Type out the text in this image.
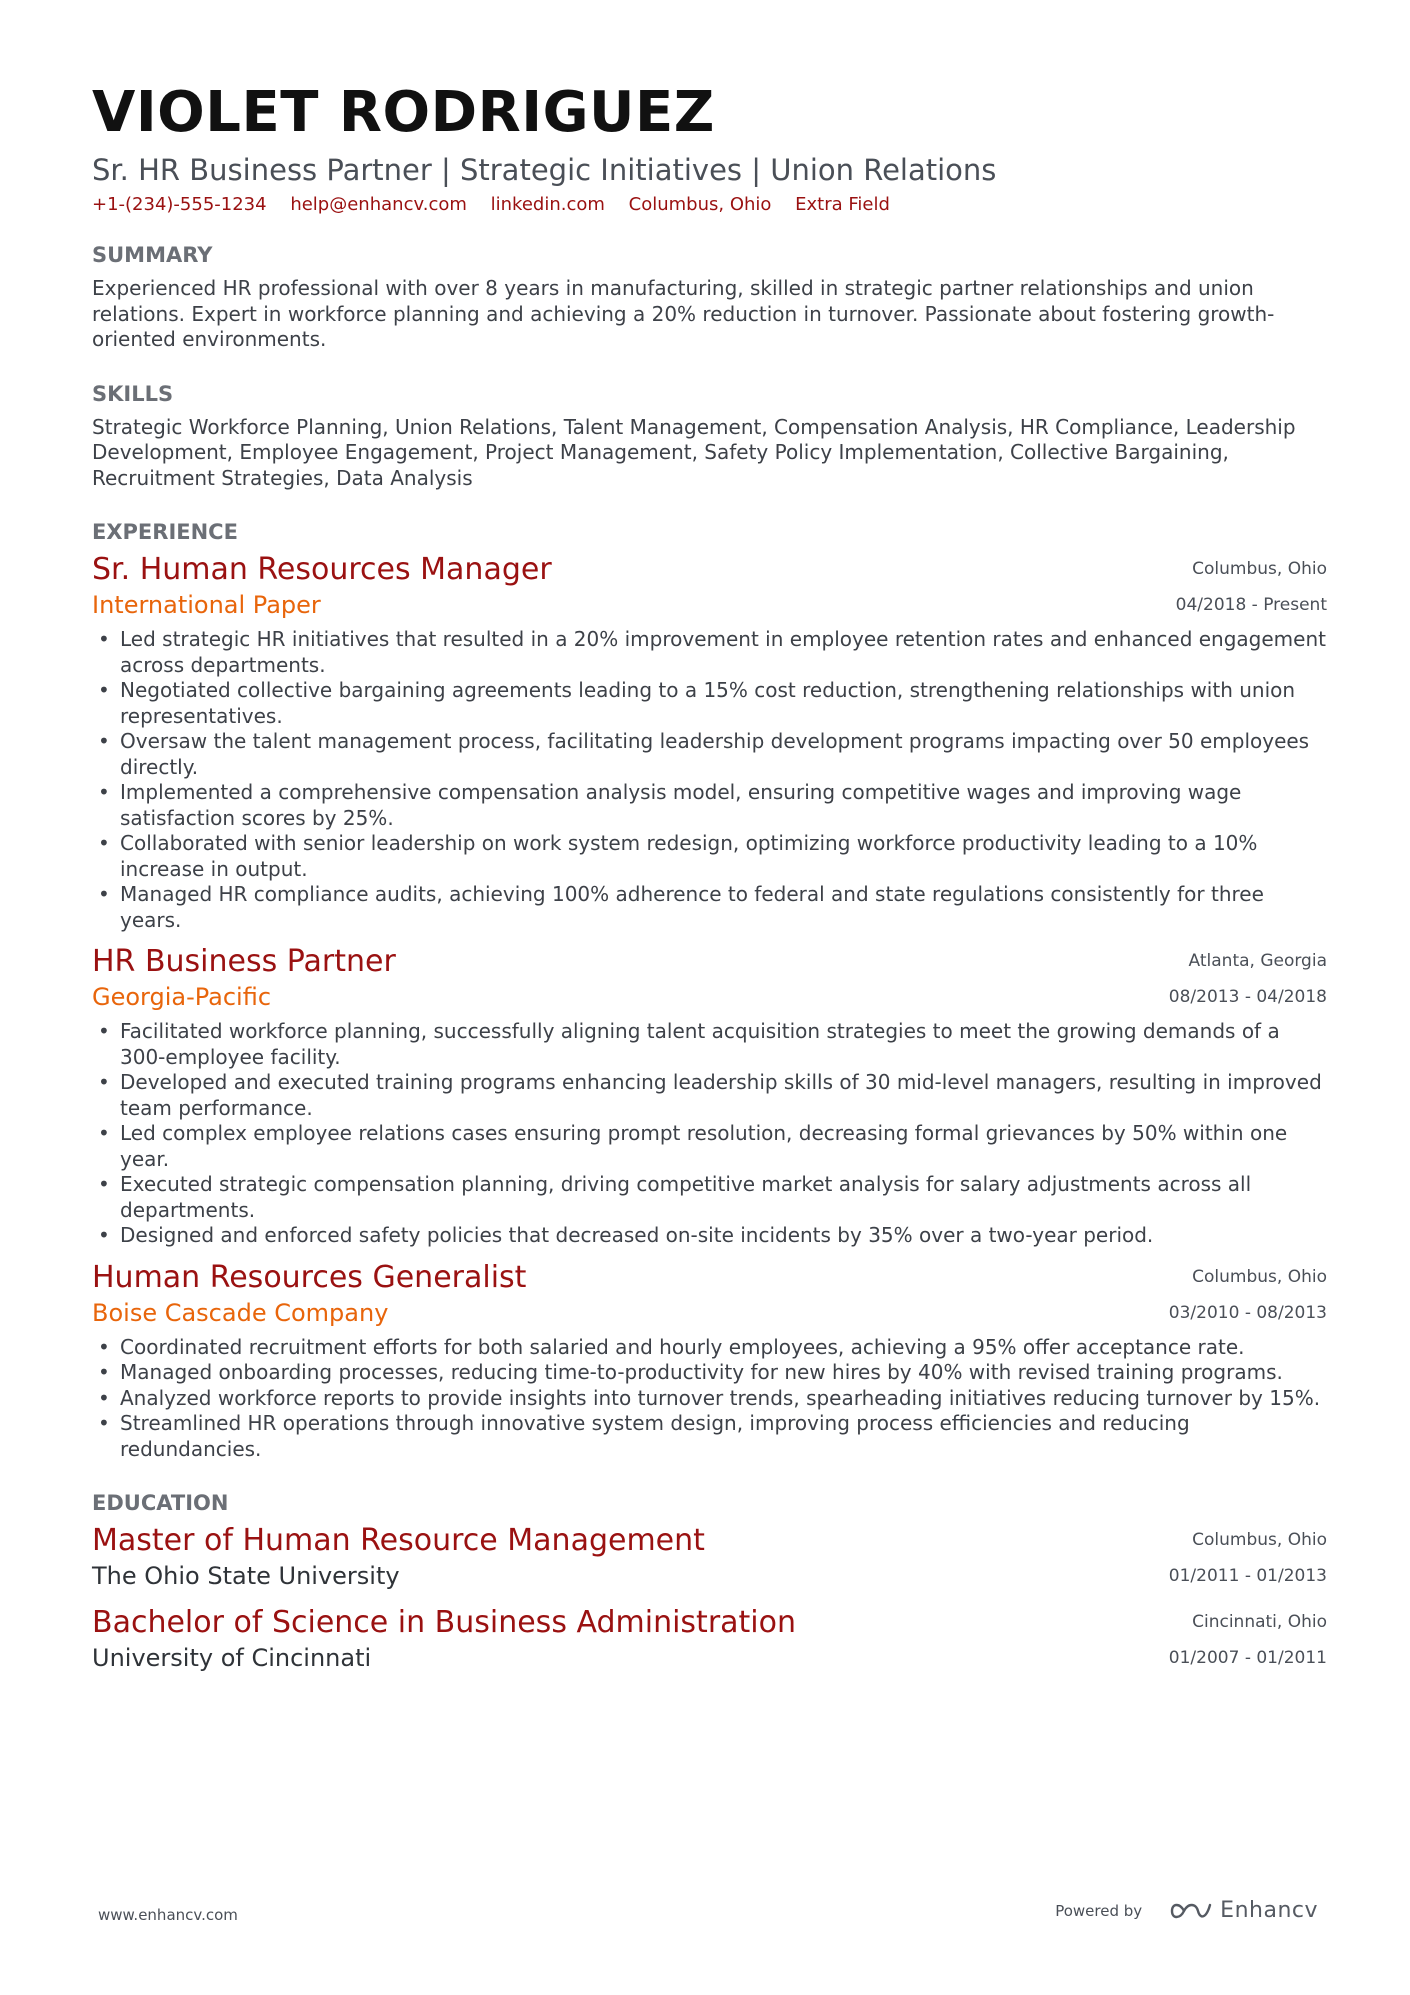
VIOLET RODRIGUEZ
Sr. HR Business Partner | Strategic Initiatives | Union Relations
+1-(234)-555-1234 help@enhancv.com linkedin.com Columbus, Ohio Extra Field
SUMMARY
Experienced HR professional with over 8 years in manufacturing, skilled in strategic partner relationships and union relations. Expert in workforce planning and achieving a 20% reduction in turnover. Passionate about fostering growth-oriented environments.
SKILLS
Strategic Workforce Planning, Union Relations, Talent Management, Compensation Analysis, HR Compliance, Leadership Development, Employee Engagement, Project Management, Safety Policy Implementation, Collective Bargaining, Recruitment Strategies, Data Analysis
EXPERIENCE
Sr. Human Resources Manager
International Paper
Columbus, Ohio
04/2018 - Present
• Led strategic HR initiatives that resulted in a 20% improvement in employee retention rates and enhanced engagement across departments.
• Negotiated collective bargaining agreements leading to a 15% cost reduction, strengthening relationships with union representatives.
• Oversaw the talent management process, facilitating leadership development programs impacting over 50 employees directly.
• Implemented a comprehensive compensation analysis model, ensuring competitive wages and improving wage satisfaction scores by 25%.
• Collaborated with senior leadership on work system redesign, optimizing workforce productivity leading to a 10% increase in output.
• Managed HR compliance audits, achieving 100% adherence to federal and state regulations consistently for three years.
HR Business Partner
Georgia-Pacific
Atlanta, Georgia
08/2013 - 04/2018
• Facilitated workforce planning, successfully aligning talent acquisition strategies to meet the growing demands of a 300-employee facility.
• Developed and executed training programs enhancing leadership skills of 30 mid-level managers, resulting in improved team performance.
• Led complex employee relations cases ensuring prompt resolution, decreasing formal grievances by 50% within one year.
• Executed strategic compensation planning, driving competitive market analysis for salary adjustments across all departments.
• Designed and enforced safety policies that decreased on-site incidents by 35% over a two-year period.
Human Resources Generalist
Boise Cascade Company
Columbus, Ohio
03/2010 - 08/2013
• Coordinated recruitment efforts for both salaried and hourly employees, achieving a 95% offer acceptance rate.
• Managed onboarding processes, reducing time-to-productivity for new hires by 40% with revised training programs.
• Analyzed workforce reports to provide insights into turnover trends, spearheading initiatives reducing turnover by 15%.
• Streamlined HR operations through innovative system design, improving process efficiencies and reducing redundancies.
EDUCATION
Master of Human Resource Management
The Ohio State University
Columbus, Ohio
01/2011 - 01/2013
Bachelor of Science in Business Administration
University of Cincinnati
Cincinnati, Ohio
01/2007 - 01/2011
www.enhancv.com	Powered by	Enhancv
